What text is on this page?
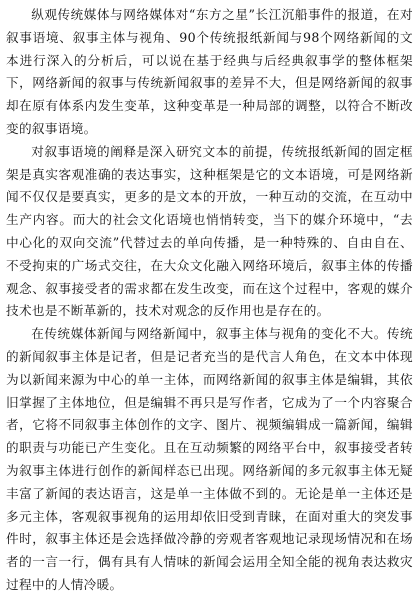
纵观传统媒体与网络媒体对“东方之星”长江沉船事件的报道，在对叙事语境、叙事主体与视角、90个传统报纸新闻与98个网络新闻的文本进行深入的分析后，可以说在基于经典与后经典叙事学的整体框架下，网络新闻的叙事与传统新闻叙事的差异不大，但是网络新闻的叙事却在原有体系内发生变革，这种变革是一种局部的调整，以符合不断改变的叙事语境。

对叙事语境的阐释是深入研究文本的前提，传统报纸新闻的固定框架是真实客观准确的表达事实，这种框架是它的文本语境，可是网络新闻不仅仅是要真实，更多的是文本的开放，一种互动的交流，在互动中生产内容。而大的社会文化语境也悄悄转变，当下的媒介环境中，“去中心化的双向交流”代替过去的单向传播，是一种特殊的、自由自在、不受拘束的广场式交往，在大众文化融入网络环境后，叙事主体的传播观念、叙事接受者的需求都在发生改变，而在这个过程中，客观的媒介技术也是不断革新的，技术对观念的反作用也是存在的。

在传统媒体新闻与网络新闻中，叙事主体与视角的变化不大。传统的新闻叙事主体是记者，但是记者充当的是代言人角色，在文本中体现为以新闻来源为中心的单一主体，而网络新闻的叙事主体是编辑，其依旧掌握了主体地位，但是编辑不再只是写作者，它成为了一个内容聚合者，它将不同叙事主体创作的文字、图片、视频编辑成一篇新闻，编辑的职责与功能已产生变化。且在互动频繁的网络平台中，叙事接受者转为叙事主体进行创作的新闻样态已出现。网络新闻的多元叙事主体无疑丰富了新闻的表达语言，这是单一主体做不到的。无论是单一主体还是多元主体，客观叙事视角的运用却依旧受到青睐，在面对重大的突发事件时，叙事主体还是会选择做冷静的旁观者客观地记录现场情况和在场者的一言一行，偶有具有人情味的新闻会运用全知全能的视角表达救灾过程中的人情冷暖。
